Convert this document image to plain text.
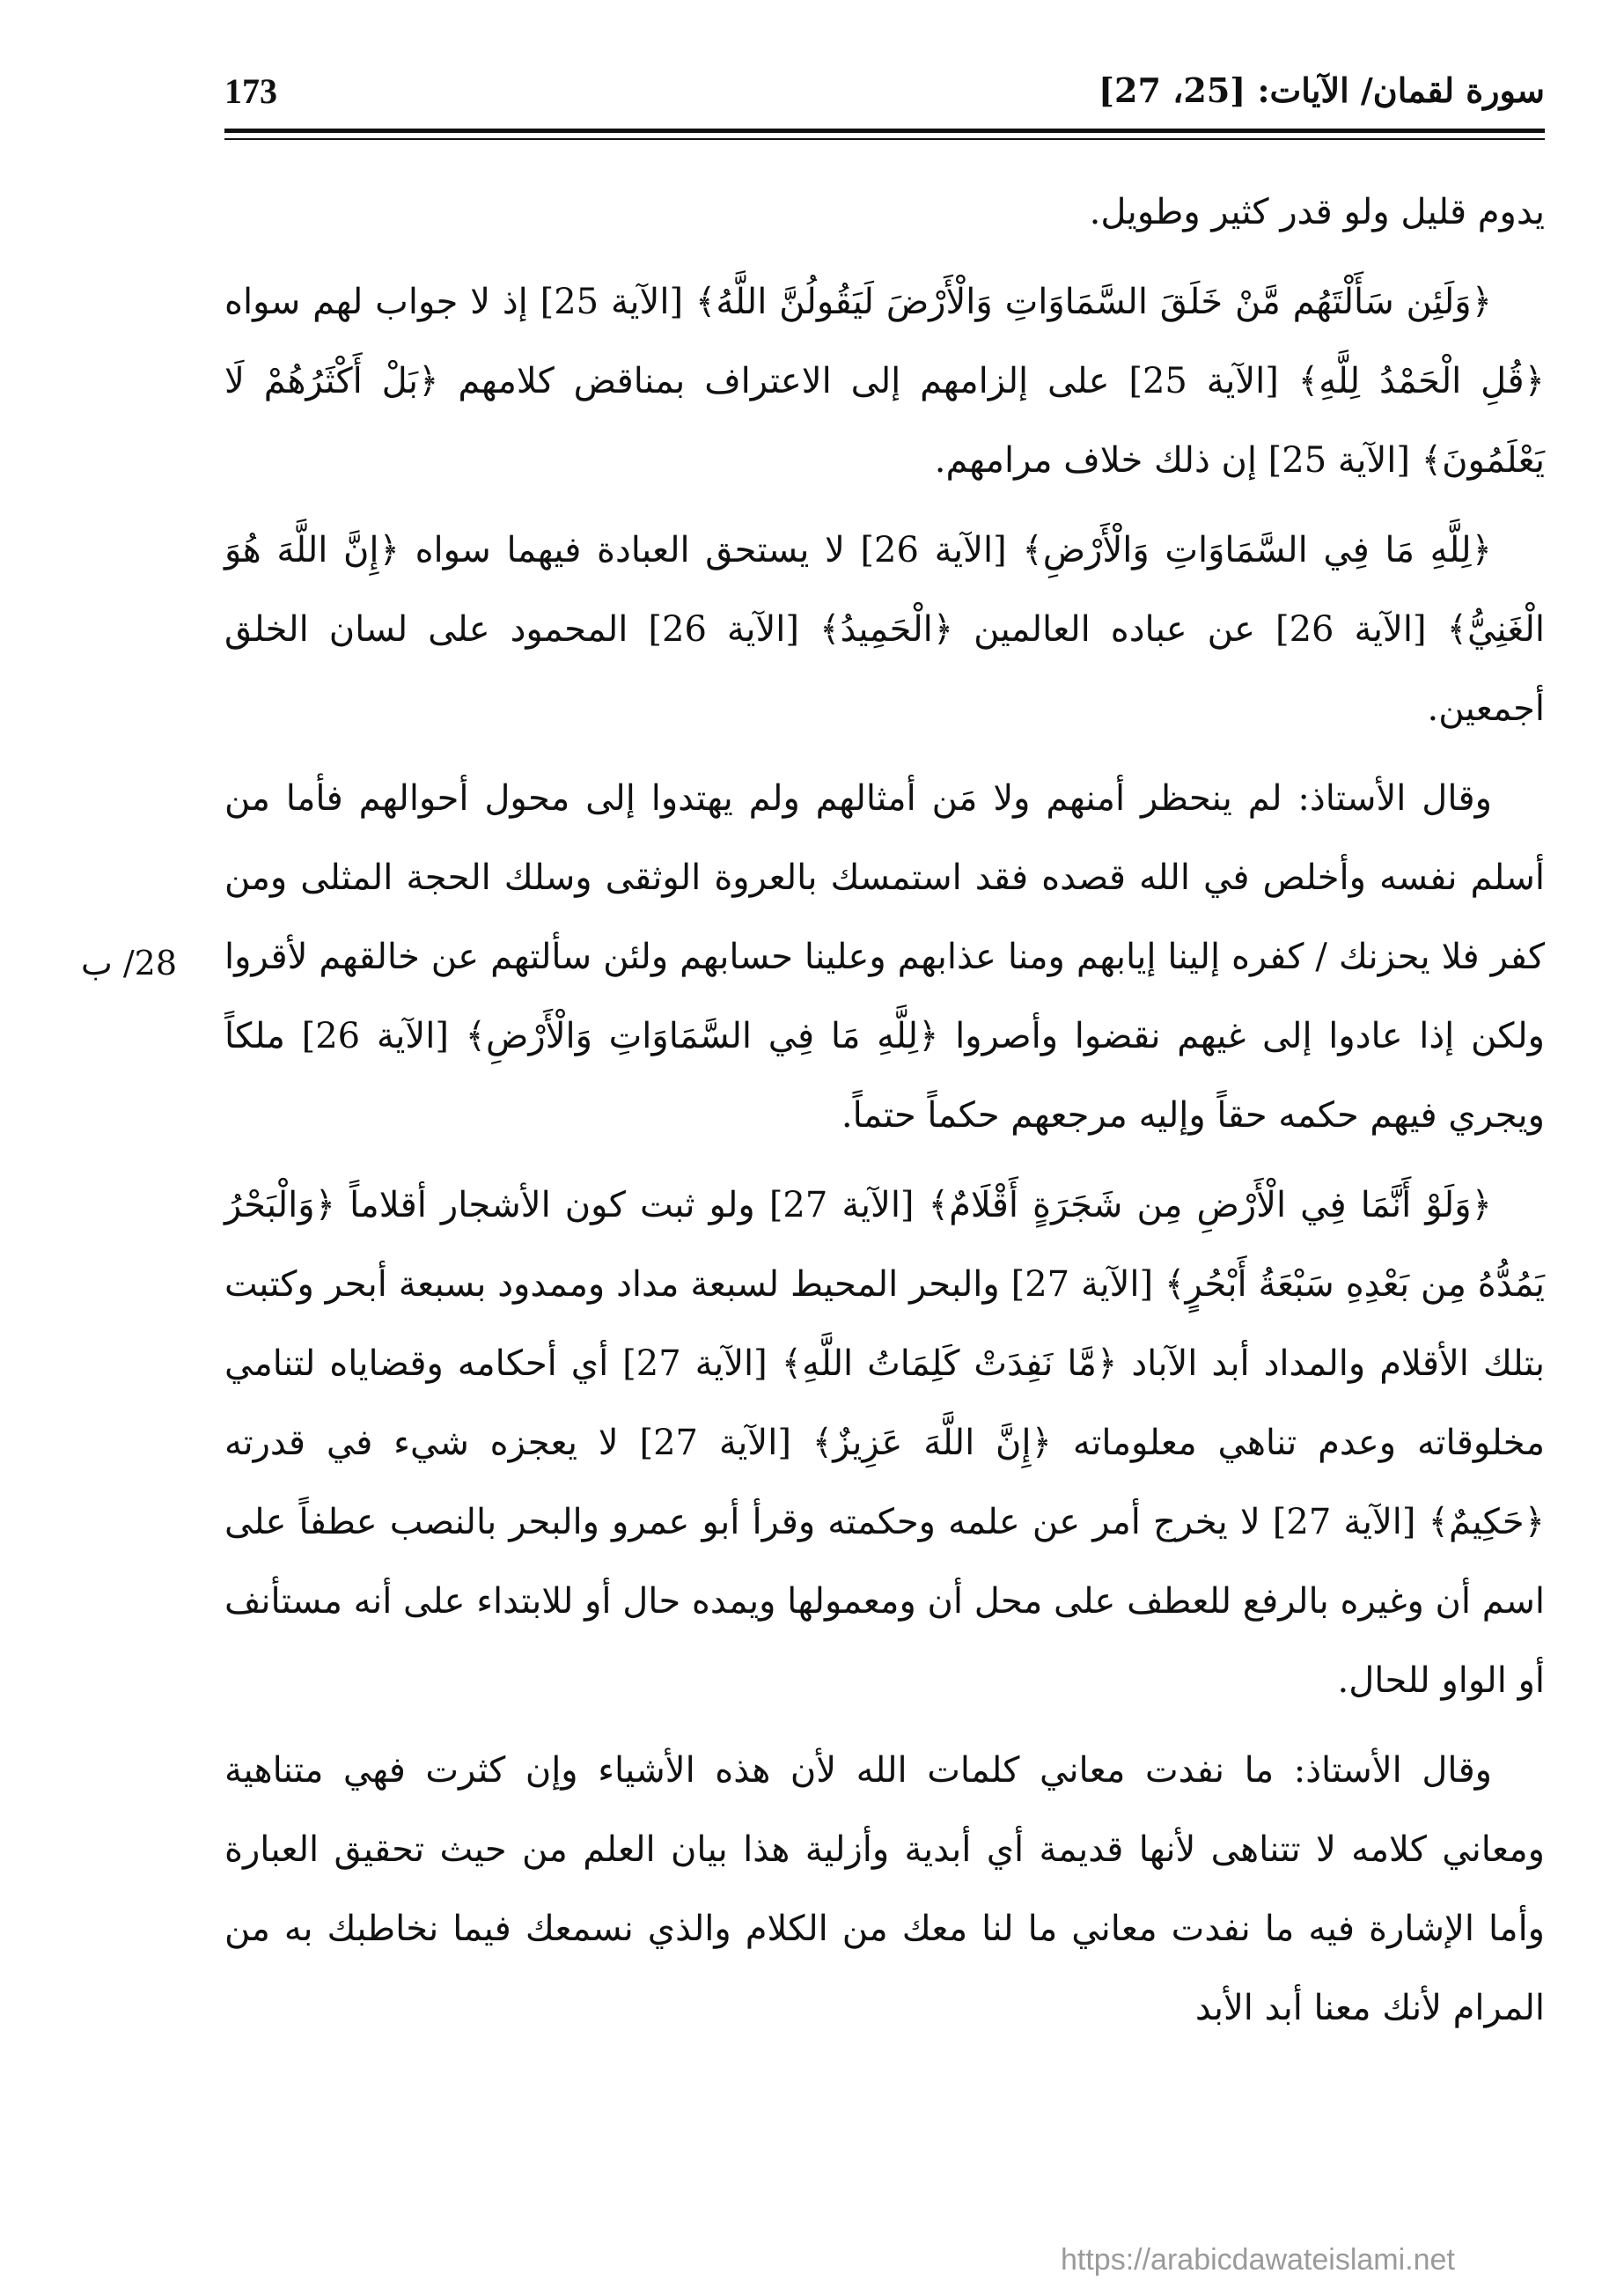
173	سورة لقمان/ الآيات: [25، 27]
28/ ب

يدوم قليل ولو قدر كثير وطويل.

﴿وَلَئِن سَأَلْتَهُم مَّنْ خَلَقَ السَّمَاوَاتِ وَالْأَرْضَ لَيَقُولُنَّ اللَّهُ﴾ [الآية 25] إذ لا جواب لهم سواه ﴿قُلِ الْحَمْدُ لِلَّهِ﴾ [الآية 25] على إلزامهم إلى الاعتراف بمناقض كلامهم ﴿بَلْ أَكْثَرُهُمْ لَا يَعْلَمُونَ﴾ [الآية 25] إن ذلك خلاف مرامهم.

﴿لِلَّهِ مَا فِي السَّمَاوَاتِ وَالْأَرْضِ﴾ [الآية 26] لا يستحق العبادة فيهما سواه ﴿إِنَّ اللَّهَ هُوَ الْغَنِيُّ﴾ [الآية 26] عن عباده العالمين ﴿الْحَمِيدُ﴾ [الآية 26] المحمود على لسان الخلق أجمعين.

وقال الأستاذ: لم ينحظر أمنهم ولا مَن أمثالهم ولم يهتدوا إلى محول أحوالهم فأما من أسلم نفسه وأخلص في الله قصده فقد استمسك بالعروة الوثقى وسلك الحجة المثلى ومن كفر فلا يحزنك / كفره إلينا إيابهم ومنا عذابهم وعلينا حسابهم ولئن سألتهم عن خالقهم لأقروا ولكن إذا عادوا إلى غيهم نقضوا وأصروا ﴿لِلَّهِ مَا فِي السَّمَاوَاتِ وَالْأَرْضِ﴾ [الآية 26] ملكاً ويجري فيهم حكمه حقاً وإليه مرجعهم حكماً حتماً.

﴿وَلَوْ أَنَّمَا فِي الْأَرْضِ مِن شَجَرَةٍ أَقْلَامٌ﴾ [الآية 27] ولو ثبت كون الأشجار أقلاماً ﴿وَالْبَحْرُ يَمُدُّهُ مِن بَعْدِهِ سَبْعَةُ أَبْحُرٍ﴾ [الآية 27] والبحر المحيط لسبعة مداد وممدود بسبعة أبحر وكتبت بتلك الأقلام والمداد أبد الآباد ﴿مَّا نَفِدَتْ كَلِمَاتُ اللَّهِ﴾ [الآية 27] أي أحكامه وقضاياه لتنامي مخلوقاته وعدم تناهي معلوماته ﴿إِنَّ اللَّهَ عَزِيزٌ﴾ [الآية 27] لا يعجزه شيء في قدرته ﴿حَكِيمٌ﴾ [الآية 27] لا يخرج أمر عن علمه وحكمته وقرأ أبو عمرو والبحر بالنصب عطفاً على اسم أن وغيره بالرفع للعطف على محل أن ومعمولها ويمده حال أو للابتداء على أنه مستأنف أو الواو للحال.

وقال الأستاذ: ما نفدت معاني كلمات الله لأن هذه الأشياء وإن كثرت فهي متناهية ومعاني كلامه لا تتناهى لأنها قديمة أي أبدية وأزلية هذا بيان العلم من حيث تحقيق العبارة وأما الإشارة فيه ما نفدت معاني ما لنا معك من الكلام والذي نسمعك فيما نخاطبك به من المرام لأنك معنا أبد الأبد

https://arabicdawateislami.net
